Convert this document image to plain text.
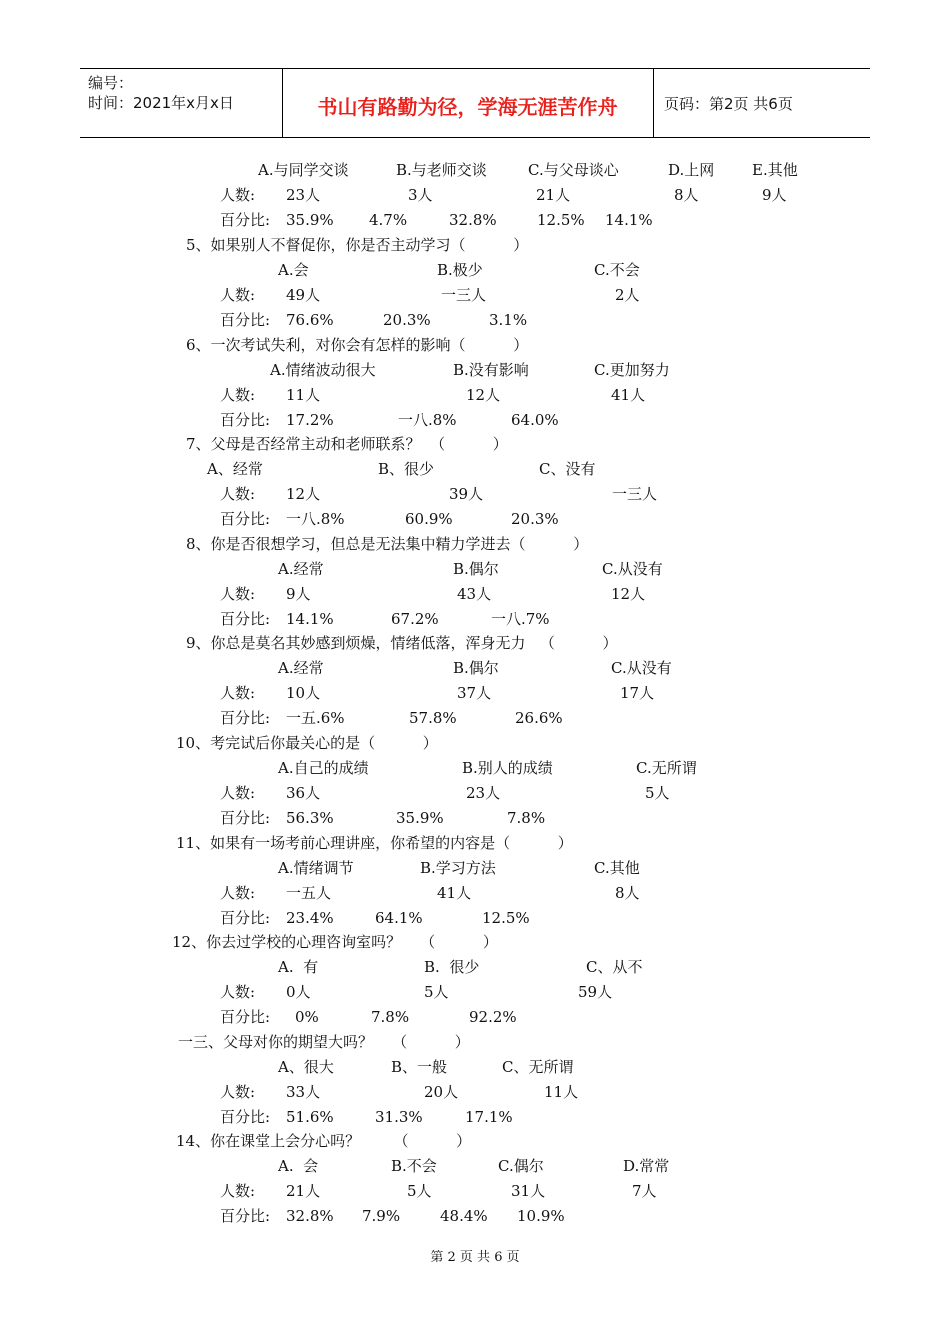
编号：
时间：2021年x月x日	书山有路勤为径，学海无涯苦作舟	页码：第2页 共6页
A.与同学交谈	B.与老师交谈	C.与父母谈心	D.上网	E.其他
人数: 23人	3人	21人	8人	9人
百分比: 35.9% 4.7%	32.8%	12.5% 14.1%
5、如果别人不督促你，你是否主动学习（          ）
A.会	B.极少	C.不会
人数: 49人	一三人	2人
百分比: 76.6%	20.3%	3.1%
6、一次考试失利，对你会有怎样的影响（          ）
A.情绪波动很大	B.没有影响	C.更加努力
人数: 11人	12人	41人
百分比: 17.2%	一八.8%	64.0%
7、父母是否经常主动和老师联系？  （          ）
A、经常	B、很少	C、没有
人数: 12人	39人	一三人
百分比: 一八.8%	60.9%	20.3%
8、你是否很想学习，但总是无法集中精力学进去（          ）
A.经常	B.偶尔	C.从没有
人数: 9人	43人	12人
百分比: 14.1%	67.2%	一八.7%
9、你总是莫名其妙感到烦燥，情绪低落，浑身无力   （          ）
A.经常	B.偶尔	C.从没有
人数: 10人	37人	17人
百分比: 一五.6%	57.8%	26.6%
10、考完试后你最关心的是（          ）
A.自己的成绩	B.别人的成绩	C.无所谓
人数: 36人	23人	5人
百分比: 56.3%	35.9%	7.8%
11、如果有一场考前心理讲座，你希望的内容是（          ）
A.情绪调节	B.学习方法	C.其他
人数: 一五人	41人	8人
百分比: 23.4%	64.1%	12.5%
12、你去过学校的心理咨询室吗？    （          ）
A.  有	B.  很少	C、从不
人数: 0人	5人	59人
百分比: 0%	7.8%	92.2%
一三、父母对你的期望大吗？    （          ）
A、很大	B、一般	C、无所谓
人数: 33人	20人	11人
百分比: 51.6%	31.3%	17.1%
14、你在课堂上会分心吗？       （          ）
A.  会	B.不会	C.偶尔	D.常常
人数: 21人	5人	31人	7人
百分比: 32.8% 7.9%	48.4% 10.9%
第 2 页 共 6 页
